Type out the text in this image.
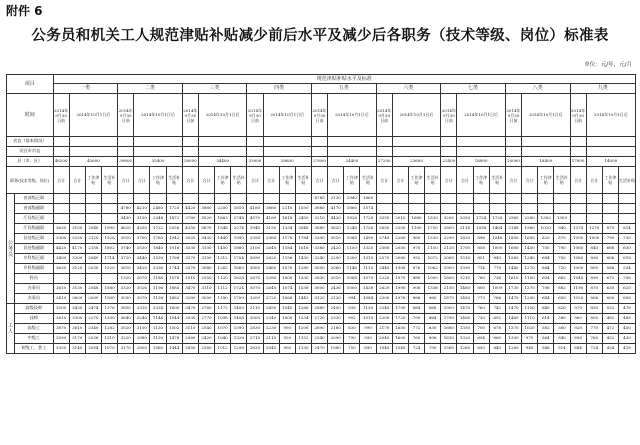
附件 6
公务员和机关工人规范津贴补贴减少前后水平及减少后各职务（技术等级、岗位）标准表
单位：元/年，元/月
项目		规范津贴补贴水平及标准																																			
		一类				二类				三类				四类				五类				六类				七类				八类				九类			
时间		2014年9月30日前	2014年10月1日后			2014年9月30日前	2014年10月1日后			2014年9月30日前	2014年10月1日后			2014年9月30日前	2014年10月1日后			2014年9月30日前	2014年10月1日后			2014年9月30日前	2014年10月1日后			2014年9月30日前	2014年10月1日后			2014年9月30日前	2014年10月1日后			2014年9月30日前	2014年10月1日后		
省直（基本情况）																																					
设区市市直																																					
县（市、区）		48200	45600			39600	35400			38000	34400			33900	28600			27600	24400			27200	23600			22400	18800			20000	18400			17800	14000		
职务(技术等级、岗位)		合计	合计	工作津贴	生活补贴	合计	合计	工作津贴	生活补贴	合计	合计	工作津贴	生活补贴	合计	合计	工作津贴	生活补贴	合计	合计	工作津贴	生活补贴	合计	合计	工作津贴	生活补贴	合计	合计	工作津贴	生活补贴	合计	合计	工作津贴	生活补贴	合计	合计	工作津贴	生活补贴
公务员	省部级正职																	4780	2130	2940	1860																
	省部级副职					4780	4210	2480	1720	4420	3860	2250	1610	4160	3660	2110	1550	3880	4170	1860	1574																
	厅局级正职					3430	3150	2048	1872	3780	3520	1863	2748	4570	4160	1618	2450	3210	4430	1828	1728	3350	2010	1680	1530	3200	2050	1724	1728	2960	2280	1302	1309				
	厅局级副职	3630	3150	2040	1990	4620	4350	1722	2558	4350	3670	1548	2274	3940	3150	1334	2046	3880	3620	1248	1726	2850	2350	1100	1750	2800	2118	1038	1464	2148	1960	1020	940	1374	1270	870	814
	县处级正职	3300	3250	2120	1928	3910	3700	1760	1942	3520	3430	1440	1990	3350	2960	1178	1784	3390	3010	1088	1490	2740	2260	960	1230	2290	1820	896	1048	1850	1650	820	870	1090	1000	790	730
	县处级副职	4420	4170	2158	1802	3740	3530	1840	1916	3330	3100	1450	1860	3100	2640	1184	1616	3380	2420	1150	1320	2580	2050	970	1150	2120	1700	858	1000	1680	1450	750	790	1060	840	688	630
	乡科级正职	3400	3200	2040	1714	3720	3440	1530	1768	3370	3150	1312	1704	3090	2620	1156	1430	3240	2200	1200	1310	2570	2080	952	1072	2060	1510	851	840	1560	1340	684	750	1080	890	606	618
	乡科级副职	3630	3120	2030	1520	3610	3420	1336	1744	3370	3080	1262	1660	3000	2460	1078	1280	3050	2060	1146	1110	2440	1908	876	1062	1900	1390	714	770	1440	1270	664	720	1000	800	588	534
	科员					1320	2070	1188	1578	1510	2550	1120	1628	2670	2280	1000	1330	2830	2010	1008	1070	2220	1970	880	1000	1800	1210	760	736	1610	1150	604	682	1040	890	672	706
	办事员	3610	3130	2048	1880	3320	3026	1196	1880	3470	3110	1112	1724	3070	2640	1074	1538	3000	2436	1000	1438	2620	1990	906	1336	2150	1460	800	1009	1730	1370	706	882	1190	870	630	620
	办事员	3410	3600	2000	1900	3030	3070	1138	1862	3280	3050	1180	1700	3200	2720	1068	1442	3120	2130	994	1084	2300	1976	866	960	1870	1450	773	766	1470	1200	644	650	1020	806	600	608
工人	高级技师	3500	3430	2474	1376	3850	3310	1334	1600	3470	2760	1172	1400	3110	2490	1040	1266	2880	2450	938	1130	2340	1790	884	868	1900	1470	760	742	1470	1150	640	620	970	850	532	478
	技师	3610	3300	2270	1330	3640	3240	1144	1544	3330	2770	1098	1408	3000	2340	1000	1234	2720	2330	902	1010	2200	1720	790	864	1790	1400	730	692	1460	1110	614	580	960	800	482	468
	高级工	3870	3610	2340	1282	3520	3100	1130	1502	3110	2540	1070	1390	2830	2230	990	1208	2690	2180	830	990	2170	1650	772	830	1680	1350	700	678	1370	1020	582	560	928	770	472	450
	中级工	3590	3170	2036	1310	3220	2980	1130	1478	2960	2420	1040	1326	2710	2110	920	1152	2540	2090	790	930	2040	1600	760	806	1610	1320	694	660	1300	970	564	540	898	760	452	430
	初级工、普工	3350	3140	2054	1070	3170	2800	1060	1444	2850	2360	1012	1298	2620	2040	900	1130	2470	1980	750	890	1940	1540	724	790	1560	1260	650	640	1260	940	546	514	884	724	434	418
